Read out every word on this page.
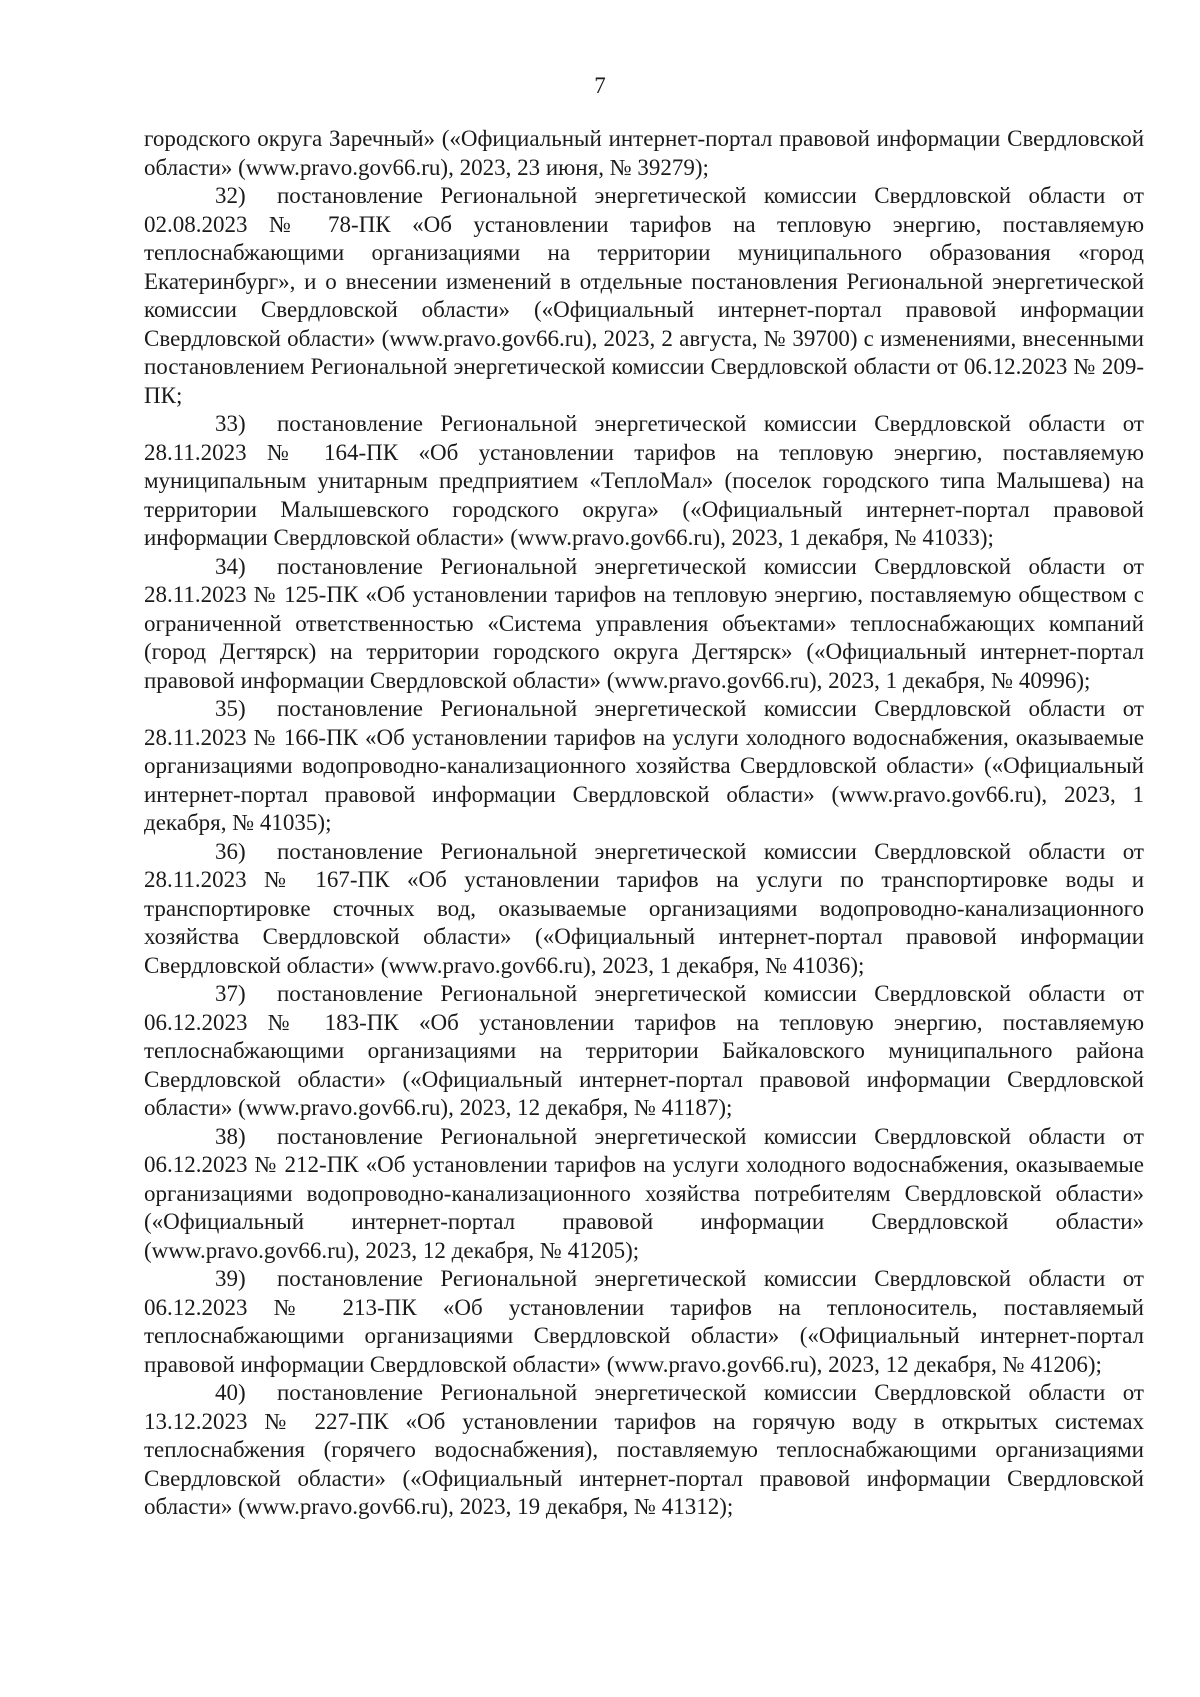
7

городского округа Заречный» («Официальный интернет-портал правовой информации Свердловской области» (www.pravo.gov66.ru), 2023, 23 июня, № 39279);

32) постановление Региональной энергетической комиссии Свердловской области от 02.08.2023 № 78-ПК «Об установлении тарифов на тепловую энергию, поставляемую теплоснабжающими организациями на территории муниципального образования «город Екатеринбург», и о внесении изменений в отдельные постановления Региональной энергетической комиссии Свердловской области» («Официальный интернет-портал правовой информации Свердловской области» (www.pravo.gov66.ru), 2023, 2 августа, № 39700) с изменениями, внесенными постановлением Региональной энергетической комиссии Свердловской области от 06.12.2023 № 209-ПК;

33) постановление Региональной энергетической комиссии Свердловской области от 28.11.2023 № 164-ПК «Об установлении тарифов на тепловую энергию, поставляемую муниципальным унитарным предприятием «ТеплоМал» (поселок городского типа Малышева) на территории Малышевского городского округа» («Официальный интернет-портал правовой информации Свердловской области» (www.pravo.gov66.ru), 2023, 1 декабря, № 41033);

34) постановление Региональной энергетической комиссии Свердловской области от 28.11.2023 № 125-ПК «Об установлении тарифов на тепловую энергию, поставляемую обществом с ограниченной ответственностью «Система управления объектами» теплоснабжающих компаний (город Дегтярск) на территории городского округа Дегтярск» («Официальный интернет-портал правовой информации Свердловской области» (www.pravo.gov66.ru), 2023, 1 декабря, № 40996);

35) постановление Региональной энергетической комиссии Свердловской области от 28.11.2023 № 166-ПК «Об установлении тарифов на услуги холодного водоснабжения, оказываемые организациями водопроводно-канализационного хозяйства Свердловской области» («Официальный интернет-портал правовой информации Свердловской области» (www.pravo.gov66.ru), 2023, 1 декабря, № 41035);

36) постановление Региональной энергетической комиссии Свердловской области от 28.11.2023 № 167-ПК «Об установлении тарифов на услуги по транспортировке воды и транспортировке сточных вод, оказываемые организациями водопроводно-канализационного хозяйства Свердловской области» («Официальный интернет-портал правовой информации Свердловской области» (www.pravo.gov66.ru), 2023, 1 декабря, № 41036);

37) постановление Региональной энергетической комиссии Свердловской области от 06.12.2023 № 183-ПК «Об установлении тарифов на тепловую энергию, поставляемую теплоснабжающими организациями на территории Байкаловского муниципального района Свердловской области» («Официальный интернет-портал правовой информации Свердловской области» (www.pravo.gov66.ru), 2023, 12 декабря, № 41187);

38) постановление Региональной энергетической комиссии Свердловской области от 06.12.2023 № 212-ПК «Об установлении тарифов на услуги холодного водоснабжения, оказываемые организациями водопроводно-канализационного хозяйства потребителям Свердловской области» («Официальный интернет-портал правовой информации Свердловской области» (www.pravo.gov66.ru), 2023, 12 декабря, № 41205);

39) постановление Региональной энергетической комиссии Свердловской области от 06.12.2023 № 213-ПК «Об установлении тарифов на теплоноситель, поставляемый теплоснабжающими организациями Свердловской области» («Официальный интернет-портал правовой информации Свердловской области» (www.pravo.gov66.ru), 2023, 12 декабря, № 41206);

40) постановление Региональной энергетической комиссии Свердловской области от 13.12.2023 № 227-ПК «Об установлении тарифов на горячую воду в открытых системах теплоснабжения (горячего водоснабжения), поставляемую теплоснабжающими организациями Свердловской области» («Официальный интернет-портал правовой информации Свердловской области» (www.pravo.gov66.ru), 2023, 19 декабря, № 41312);
